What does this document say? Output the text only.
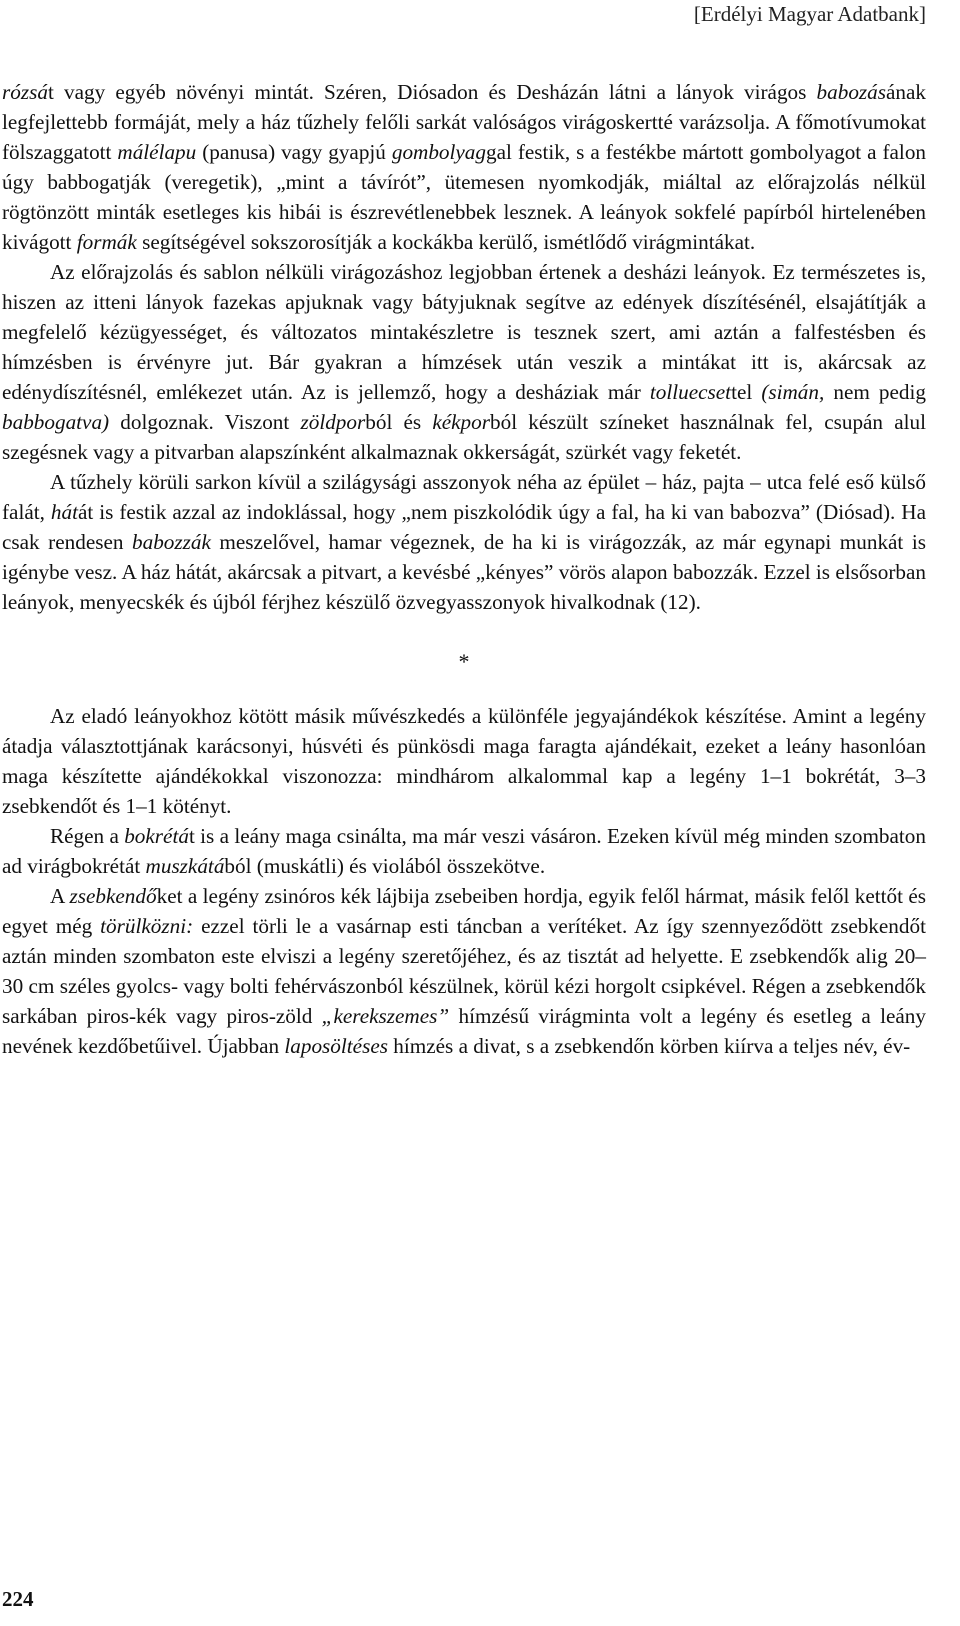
[Erdélyi Magyar Adatbank]

rózsát vagy egyéb növényi mintát. Széren, Diósadon és Desházán látni a lányok virágos babozásának legfejlettebb formáját, mely a ház tűzhely felőli sarkát valóságos virágoskertté varázsolja. A főmotívumokat fölszaggatott málélapu (panusa) vagy gyapjú gombolyaggal festik, s a festékbe mártott gombolyagot a falon úgy babbogatják (veregetik), „mint a távírót”, ütemesen nyomkodják, miáltal az előrajzolás nélkül rögtönzött minták esetleges kis hibái is észrevétlenebbek lesznek. A leányok sokfelé papírból hirtelenében kivágott formák segítségével sokszorosítják a kockákba kerülő, ismétlődő virágmintákat.

Az előrajzolás és sablon nélküli virágozáshoz legjobban értenek a desházi leányok. Ez természetes is, hiszen az itteni lányok fazekas apjuknak vagy bátyjuknak segítve az edények díszítésénél, elsajátítják a megfelelő kézügyességet, és változatos mintakészletre is tesznek szert, ami aztán a falfestésben és hímzésben is érvényre jut. Bár gyakran a hímzések után veszik a mintákat itt is, akárcsak az edénydíszítésnél, emlékezet után. Az is jellemző, hogy a desháziak már tolluecsettel (simán, nem pedig babbogatva) dolgoznak. Viszont zöldporból és kékporból készült színeket használnak fel, csupán alul szegésnek vagy a pitvarban alapszínként alkalmaznak okkerságát, szürkét vagy feketét.

A tűzhely körüli sarkon kívül a szilágysági asszonyok néha az épület – ház, pajta – utca felé eső külső falát, hátát is festik azzal az indoklással, hogy „nem piszkolódik úgy a fal, ha ki van babozva” (Diósad). Ha csak rendesen babozzák meszelővel, hamar végeznek, de ha ki is virágozzák, az már egynapi munkát is igénybe vesz. A ház hátát, akárcsak a pitvart, a kevésbé „kényes” vörös alapon babozzák. Ezzel is elsősorban leányok, menyecskék és újból férjhez készülő özvegyasszonyok hivalkodnak (12).

*

Az eladó leányokhoz kötött másik művészkedés a különféle jegyajándékok készítése. Amint a legény átadja választottjának karácsonyi, húsvéti és pünkösdi maga faragta ajándékait, ezeket a leány hasonlóan maga készítette ajándékokkal viszonozza: mindhárom alkalommal kap a legény 1–1 bokrétát, 3–3 zsebkendőt és 1–1 kötényt.

Régen a bokrétát is a leány maga csinálta, ma már veszi vásáron. Ezeken kívül még minden szombaton ad virágbokrétát muszkátából (muskátli) és violából összekötve.

A zsebkendőket a legény zsinóros kék lájbija zsebeiben hordja, egyik felől hármat, másik felől kettőt és egyet még törülközni: ezzel törli le a vasárnap esti táncban a verítéket. Az így szennyeződött zsebkendőt aztán minden szombaton este elviszi a legény szeretőjéhez, és az tisztát ad helyette. E zsebkendők alig 20–30 cm széles gyolcs- vagy bolti fehérvászonból készülnek, körül kézi horgolt csipkével. Régen a zsebkendők sarkában piros-kék vagy piros-zöld „kerekszemes” hímzésű virágminta volt a legény és esetleg a leány nevének kezdőbetűivel. Újabban laposöltéses hímzés a divat, s a zsebkendőn körben kiírva a teljes név, év-

224
